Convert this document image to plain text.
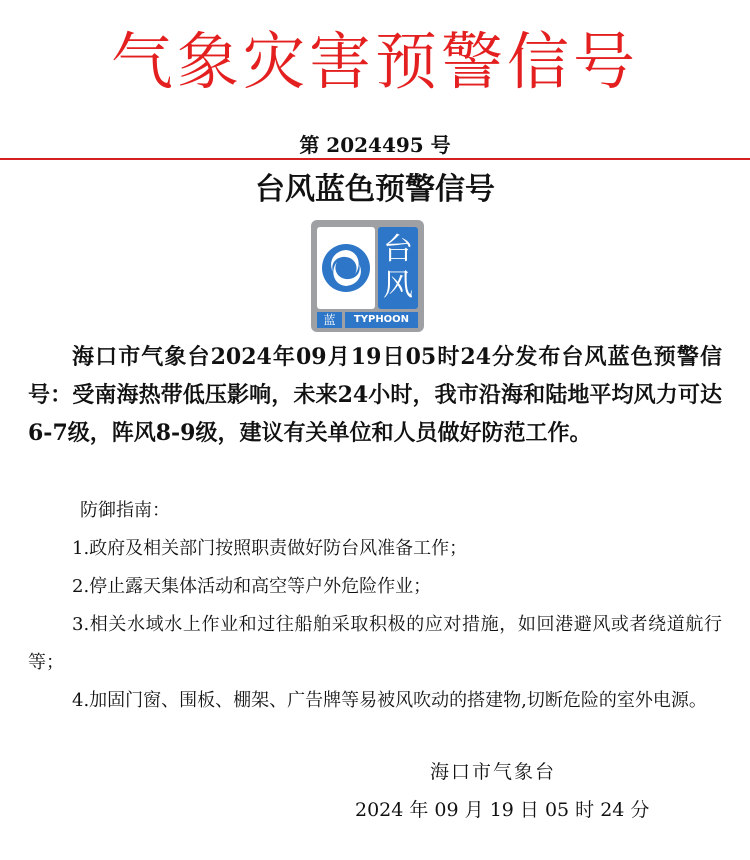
气象灾害预警信号
第 2024495 号
台风蓝色预警信号
台
风
蓝	TYPHOON

海口市气象台2024年09月19日05时24分发布台风蓝色预警信号：受南海热带低压影响，未来24小时，我市沿海和陆地平均风力可达6-7级，阵风8-9级，建议有关单位和人员做好防范工作。

防御指南：

1.政府及相关部门按照职责做好防台风准备工作；

2.停止露天集体活动和高空等户外危险作业；

3.相关水域水上作业和过往船舶采取积极的应对措施，如回港避风或者绕道航行等；

4.加固门窗、围板、棚架、广告牌等易被风吹动的搭建物,切断危险的室外电源。

海口市气象台
2024 年 09 月 19 日 05 时 24 分
